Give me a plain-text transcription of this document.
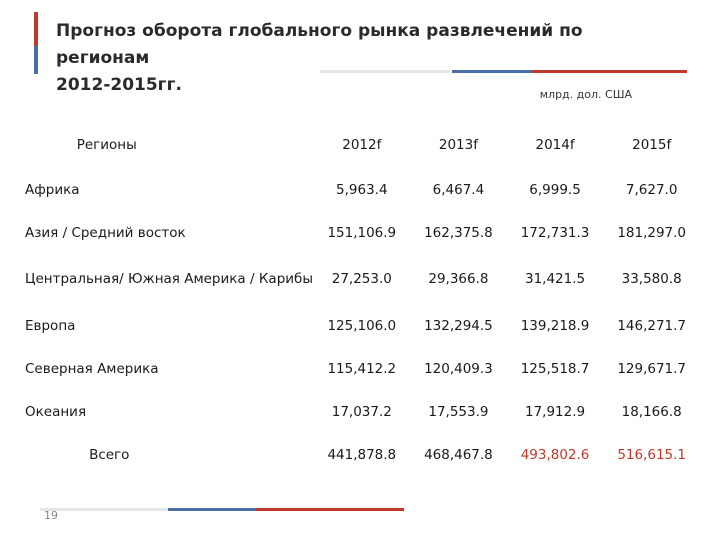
Прогноз оборота глобального рынка развлечений по регионам
2012-2015гг.	млрд. дол. США
Регионы	2012f	2013f	2014f	2015f
Африка	5,963.4	6,467.4	6,999.5	7,627.0
Азия / Средний восток	151,106.9	162,375.8	172,731.3	181,297.0
Центральная/ Южная Америка / Карибы	27,253.0	29,366.8	31,421.5	33,580.8
Европа	125,106.0	132,294.5	139,218.9	146,271.7
Северная Америка	115,412.2	120,409.3	125,518.7	129,671.7
Океания	17,037.2	17,553.9	17,912.9	18,166.8
Всего	441,878.8	468,467.8	493,802.6	516,615.1
19
